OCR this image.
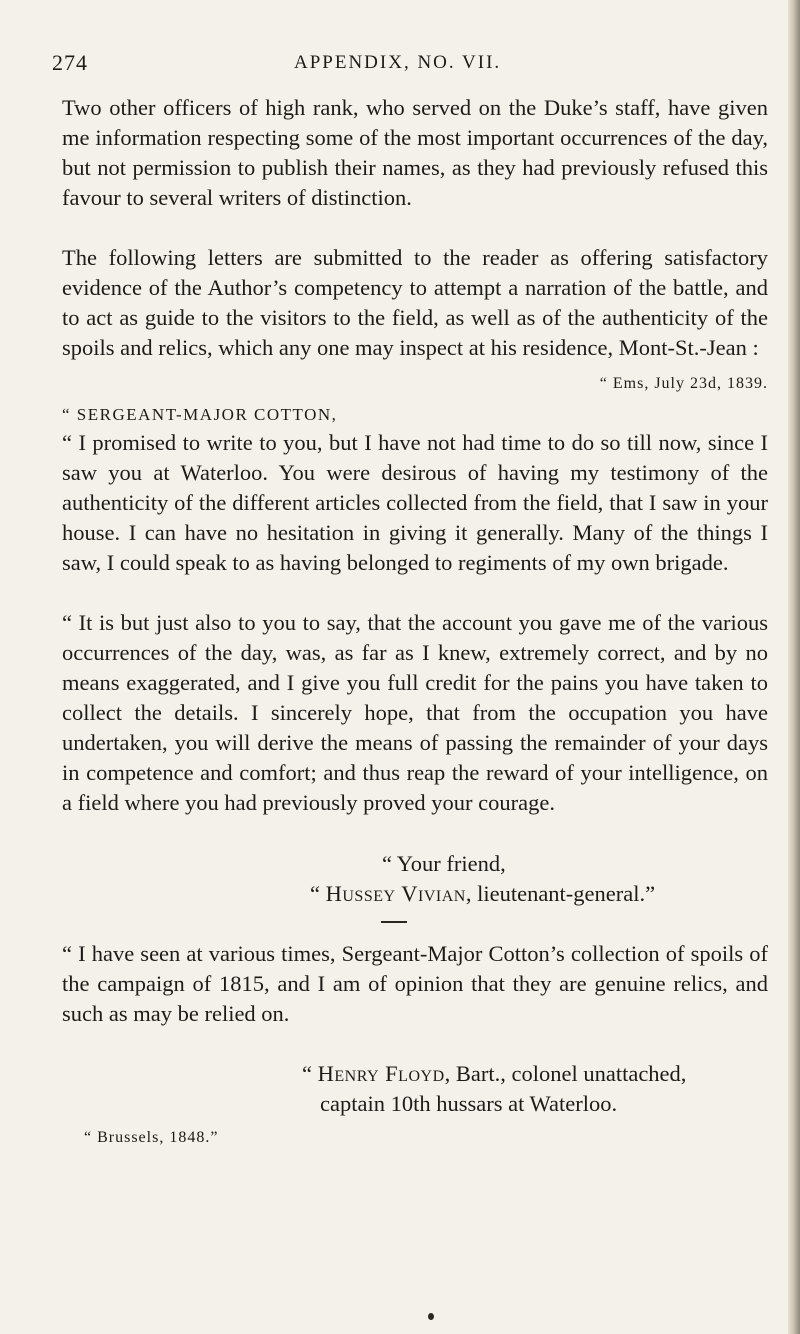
274	APPENDIX, NO. VII.

Two other officers of high rank, who served on the Duke’s staff, have given me information respecting some of the most important occurrences of the day, but not permission to publish their names, as they had previously refused this favour to several writers of distinction.

The following letters are submitted to the reader as offering satisfactory evidence of the Author’s competency to attempt a narration of the battle, and to act as guide to the visitors to the field, as well as of the authenticity of the spoils and relics, which any one may inspect at his residence, Mont-St.-Jean :

“ Ems, July 23d, 1839.
“ SERGEANT-MAJOR COTTON,

“ I promised to write to you, but I have not had time to do so till now, since I saw you at Waterloo. You were desirous of having my testimony of the authenticity of the different articles collected from the field, that I saw in your house. I can have no hesitation in giving it generally. Many of the things I saw, I could speak to as having belonged to regiments of my own brigade.

“ It is but just also to you to say, that the account you gave me of the various occurrences of the day, was, as far as I knew, extremely correct, and by no means exaggerated, and I give you full credit for the pains you have taken to collect the details. I sincerely hope, that from the occupation you have undertaken, you will derive the means of passing the remainder of your days in competence and comfort; and thus reap the reward of your intelligence, on a field where you had previously proved your courage.

“ Your friend,
“ Hussey Vivian, lieutenant-general.”

“ I have seen at various times, Sergeant-Major Cotton’s collection of spoils of the campaign of 1815, and I am of opinion that they are genuine relics, and such as may be relied on.

“ Henry Floyd, Bart., colonel unattached,
captain 10th hussars at Waterloo.
“ Brussels, 1848.”
